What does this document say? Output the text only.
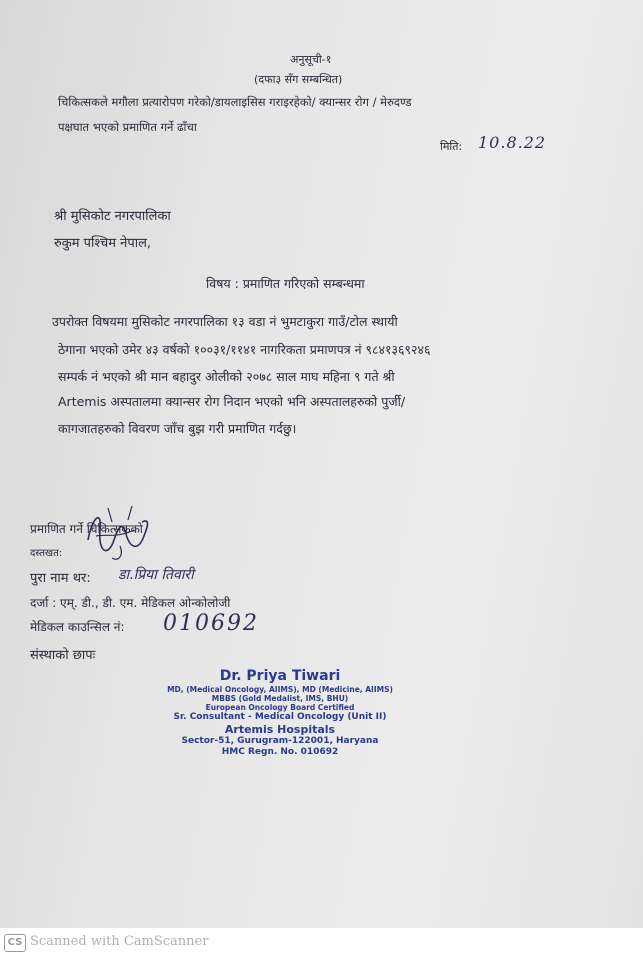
अनुसूची-१
(दफा३ सँग सम्बन्धित)
चिकित्सकले मगौला प्रत्यारोपण गरेको/डायलाइसिस गराइरहेको/ क्यान्सर रोग / मेरुदण्ड
पक्षघात भएको प्रमाणित गर्ने ढाँचा
मिति: 10.8.22
श्री मुसिकोट नगरपालिका
रुकुम पश्चिम नेपाल,
विषय : प्रमाणित गरिएको सम्बन्धमा
उपरोक्त विषयमा मुसिकोट नगरपालिका १३ वडा नं भुमटाकुरा गाउँ/टोल स्थायी
ठेगाना भएको उमेर ४३ वर्षको १००३१/११४१ नागरिकता प्रमाणपत्र नं ९८४१३६९२४६
सम्पर्क नं भएको श्री मान बहादुर ओलीको २०७८ साल माघ महिना ९ गते श्री
Artemis अस्पतालमा क्यान्सर रोग निदान भएको भनि अस्पतालहरुको पुर्जी/
कागजातहरुको विवरण जाँच बुझ गरी प्रमाणित गर्दछु।
प्रमाणित गर्ने चिकित्सकको
दस्तखत:
पुरा नाम थर: डा.प्रिया तिवारी
दर्जा : एम्. डी., डी. एम. मेडिकल ओन्कोलोजी
मेडिकल काउन्सिल नं: 010692
संस्थाको छापः
Dr. Priya Tiwari
MD, (Medical Oncology, AIIMS), MD (Medicine, AIIMS)
MBBS (Gold Medalist, IMS, BHU)
European Oncology Board Certified
Sr. Consultant - Medical Oncology (Unit II)
Artemis Hospitals
Sector-51, Gurugram-122001, Haryana
HMC Regn. No. 010692
CS Scanned with CamScanner
